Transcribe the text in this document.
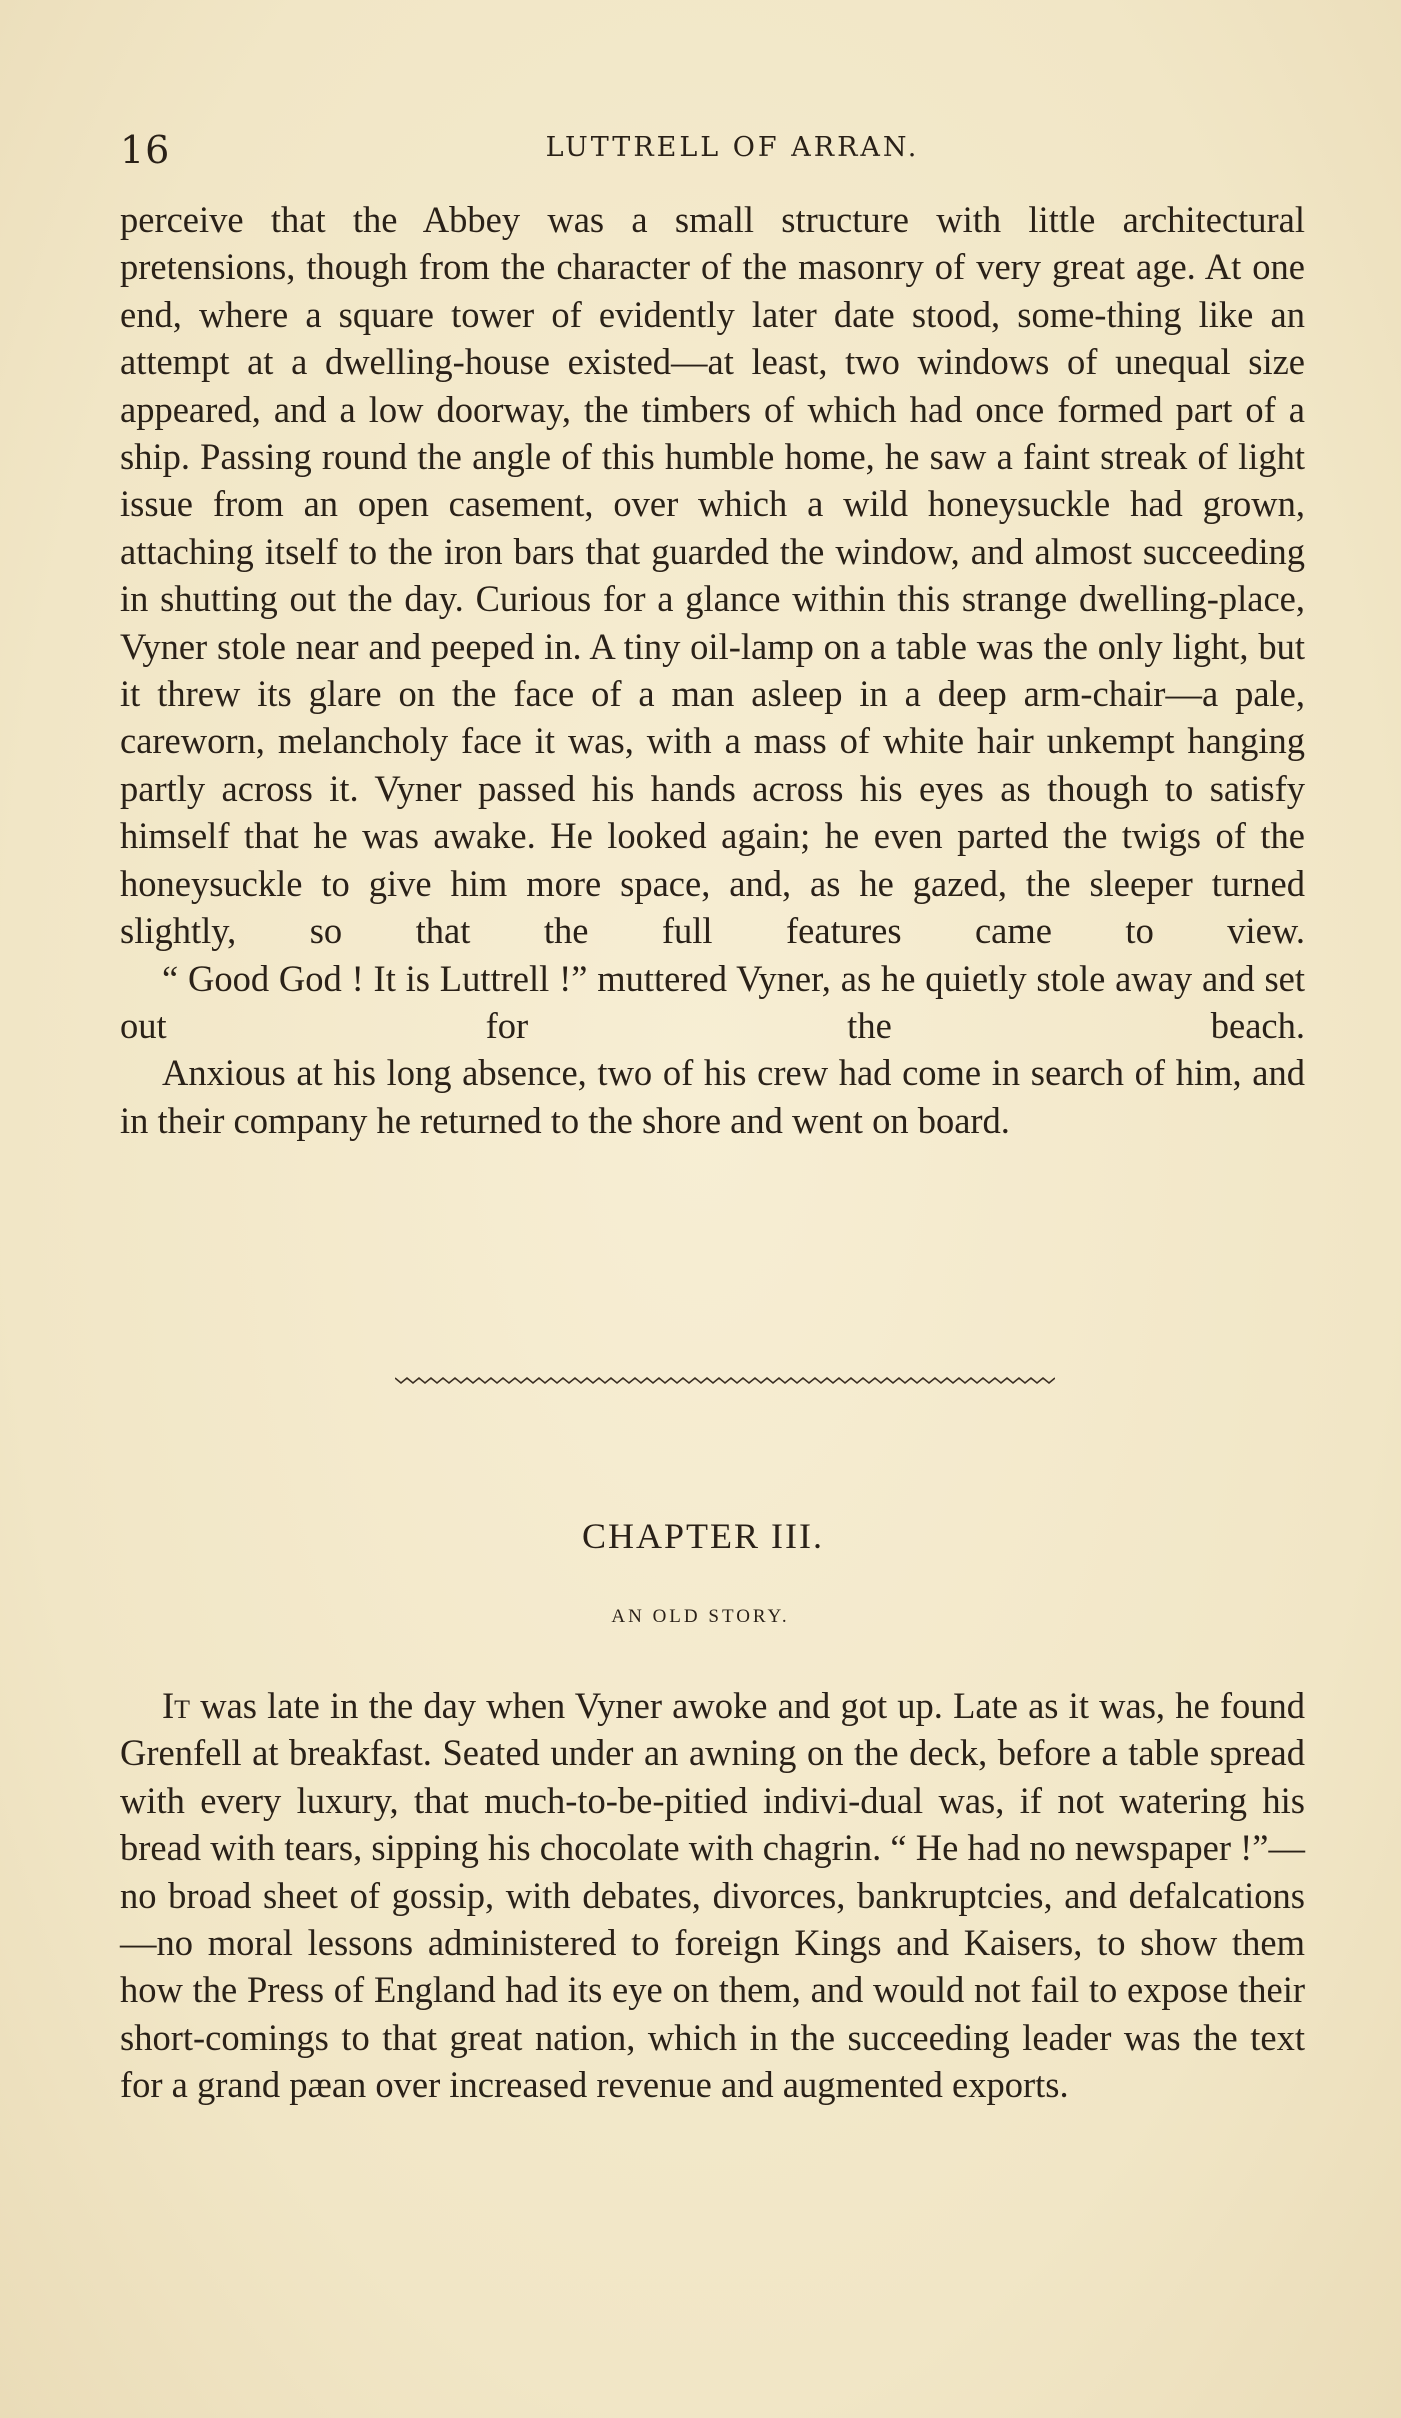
16	LUTTRELL OF ARRAN.

perceive that the Abbey was a small structure with little architectural pretensions, though from the character of the masonry of very great age. At one end, where a square tower of evidently later date stood, some-thing like an attempt at a dwelling-house existed—at least, two windows of unequal size appeared, and a low doorway, the timbers of which had once formed part of a ship. Passing round the angle of this humble home, he saw a faint streak of light issue from an open casement, over which a wild honeysuckle had grown, attaching itself to the iron bars that guarded the window, and almost succeeding in shutting out the day. Curious for a glance within this strange dwelling-place, Vyner stole near and peeped in. A tiny oil-lamp on a table was the only light, but it threw its glare on the face of a man asleep in a deep arm-chair—a pale, careworn, melancholy face it was, with a mass of white hair unkempt hanging partly across it. Vyner passed his hands across his eyes as though to satisfy himself that he was awake. He looked again; he even parted the twigs of the honeysuckle to give him more space, and, as he gazed, the sleeper turned slightly, so that the full features came to view.

“ Good God ! It is Luttrell !” muttered Vyner, as he quietly stole away and set out for the beach.

Anxious at his long absence, two of his crew had come in search of him, and in their company he returned to the shore and went on board.

CHAPTER III.
AN OLD STORY.

It was late in the day when Vyner awoke and got up. Late as it was, he found Grenfell at breakfast. Seated under an awning on the deck, before a table spread with every luxury, that much-to-be-pitied indivi-dual was, if not watering his bread with tears, sipping his chocolate with chagrin. “ He had no newspaper !”—no broad sheet of gossip, with debates, divorces, bankruptcies, and defalcations—no moral lessons administered to foreign Kings and Kaisers, to show them how the Press of England had its eye on them, and would not fail to expose their short-comings to that great nation, which in the succeeding leader was the text for a grand pæan over increased revenue and augmented exports.
